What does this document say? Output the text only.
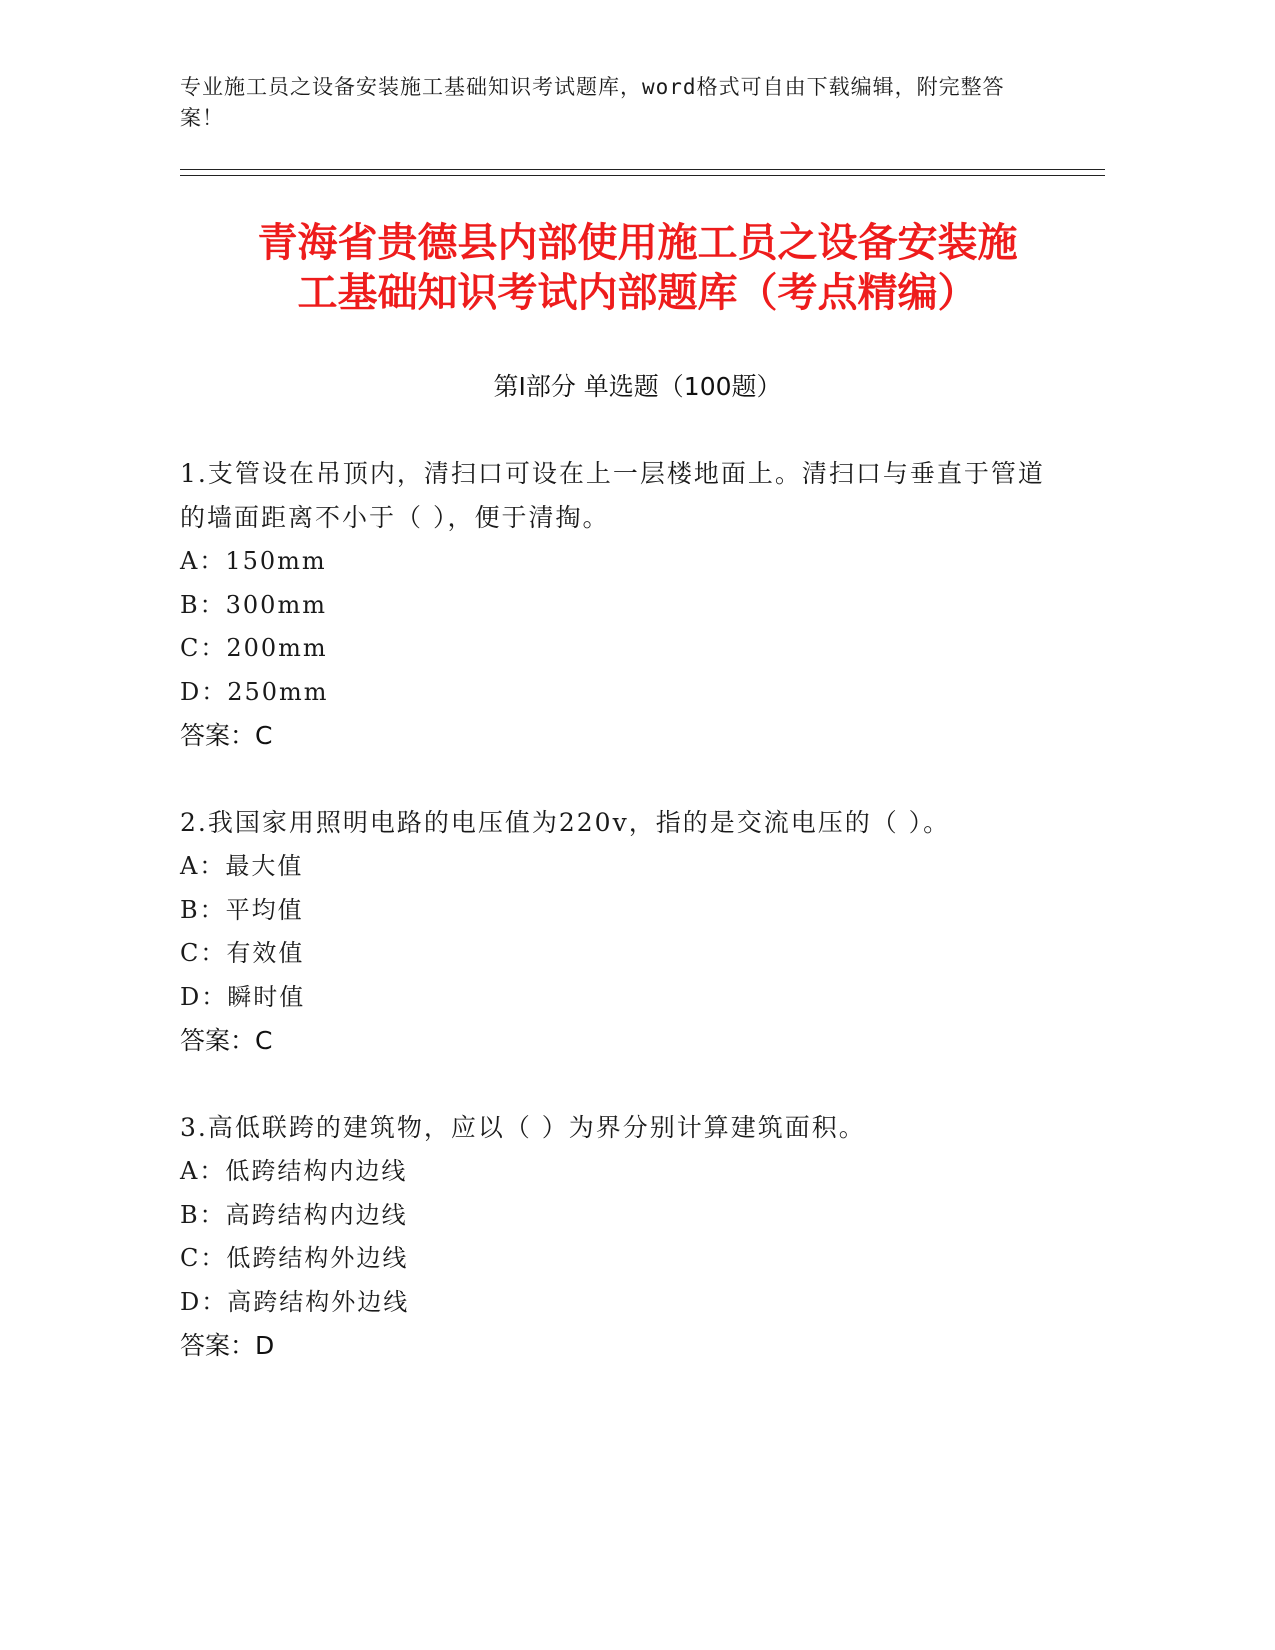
专业施工员之设备安装施工基础知识考试题库，word格式可自由下载编辑，附完整答案！
青海省贵德县内部使用施工员之设备安装施
工基础知识考试内部题库（考点精编）
第Ⅰ部分 单选题（100题）
1.支管设在吊顶内，清扫口可设在上一层楼地面上。清扫口与垂直于管道的墙面距离不小于（ ），便于清掏。
A：150mm
B：300mm
C：200mm
D：250mm
答案：C
2.我国家用照明电路的电压值为220v，指的是交流电压的（ ）。
A：最大值
B：平均值
C：有效值
D：瞬时值
答案：C
3.高低联跨的建筑物，应以（ ）为界分别计算建筑面积。
A：低跨结构内边线
B：高跨结构内边线
C：低跨结构外边线
D：高跨结构外边线
答案：D
